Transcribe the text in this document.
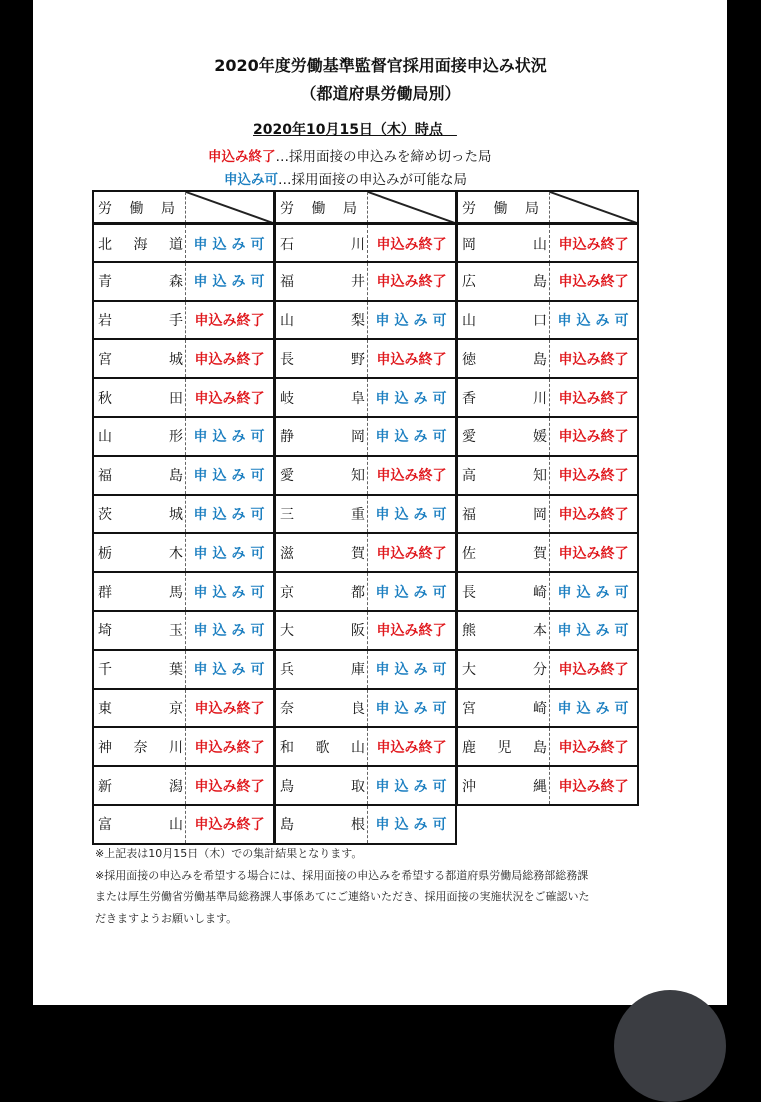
2020年度労働基準監督官採用面接申込み状況
（都道府県労働局別）
2020年10月15日（木）時点　
申込み終了…採用面接の申込みを締め切った局
申込み可…採用面接の申込みが可能な局
労 働 局
北 海 道 申込み可
青	森 申込み可
岩	手 申込み終了
宮	城 申込み終了
秋	田 申込み終了
山	形 申込み可
福	島 申込み可
茨	城 申込み可
栃	木 申込み可
群	馬 申込み可
埼	玉 申込み可
千	葉 申込み可
東	京 申込み終了
神 奈 川 申込み終了
新	潟 申込み終了
富	山 申込み終了
労 働 局
石	川 申込み終了
福	井 申込み終了
山	梨 申込み可
長	野 申込み終了
岐	阜 申込み可
静	岡 申込み可
愛	知 申込み終了
三	重 申込み可
滋	賀 申込み終了
京	都 申込み可
大	阪 申込み終了
兵	庫 申込み可
奈	良 申込み可
和 歌 山 申込み終了
鳥	取 申込み可
島	根 申込み可
労 働 局
岡	山 申込み終了
広	島 申込み終了
山	口 申込み可
徳	島 申込み終了
香	川 申込み終了
愛	媛 申込み終了
高	知 申込み終了
福	岡 申込み終了
佐	賀 申込み終了
長	崎 申込み可
熊	本 申込み可
大	分 申込み終了
宮	崎 申込み可
鹿 児 島 申込み終了
沖	縄 申込み終了
※上記表は10月15日（木）での集計結果となります。
※採用面接の申込みを希望する場合には、採用面接の申込みを希望する都道府県労働局総務部総務課
または厚生労働省労働基準局総務課人事係あてにご連絡いただき、採用面接の実施状況をご確認いた
だきますようお願いします。
